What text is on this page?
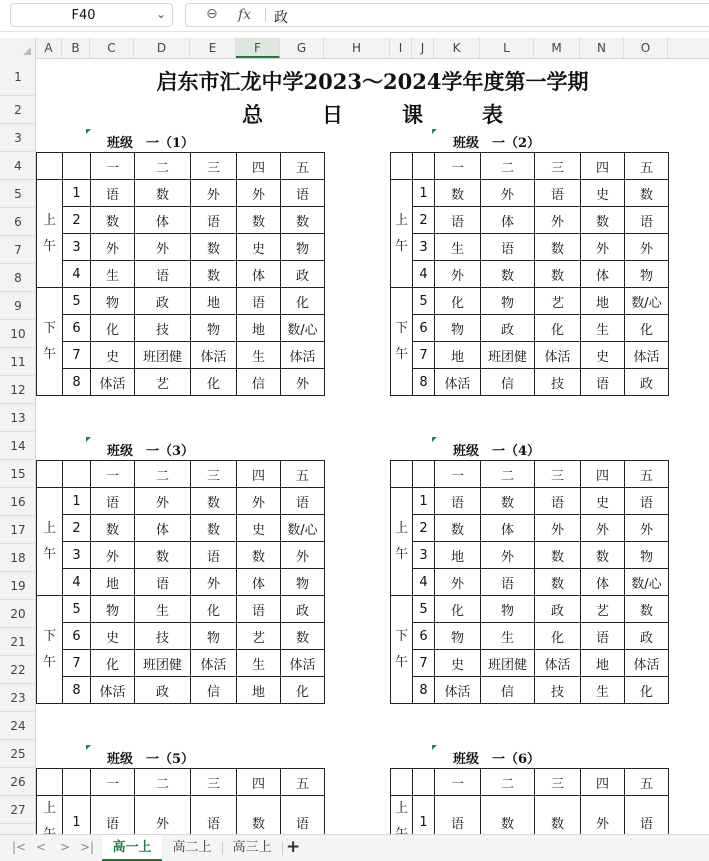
F40	⌄	⊖ fx 政
A	B	C	D	E	F	G	H	I	J	K	L	M	N	O
1
2
3
4
5
6
7
8
9
10
11
12
13
14
15
16
17
18
19
20
21
22
23
24
25
26
27
启东市汇龙中学2023～2024学年度第一学期
总	日	课	表
班级　一（1）
		一	二	三	四	五

上
午	1	语	数	外	外	语
	2	数	体	语	数	数
	3	外	外	数	史	物
	4	生	语	数	体	政

下
午	5	物	政	地	语	化
	6	化	技	物	地	数/心
	7	史	班团健	体活	生	体活
	8	体活	艺	化	信	外
班级　一（2）
		一	二	三	四	五

上
午	1	数	外	语	史	数
	2	语	体	外	数	语
	3	生	语	数	外	外
	4	外	数	数	体	物

下
午	5	化	物	艺	地	数/心
	6	物	政	化	生	化
	7	地	班团健	体活	史	体活
	8	体活	信	技	语	政
班级　一（3）
		一	二	三	四	五

上
午	1	语	外	数	外	语
	2	数	体	数	史	数/心
	3	外	数	语	数	外
	4	地	语	外	体	物

下
午	5	物	生	化	语	政
	6	史	技	物	艺	数
	7	化	班团健	体活	生	体活
	8	体活	政	信	地	化
班级　一（4）
		一	二	三	四	五

上
午	1	语	数	语	史	语
	2	数	体	外	外	外
	3	地	外	数	数	物
	4	外	语	数	体	数/心

下
午	5	化	物	政	艺	数
	6	物	生	化	语	政
	7	史	班团健	体活	地	体活
	8	体活	信	技	生	化
班级　一（5）
		一	二	三	四	五

上	1	语	外	语	数	语
班级　一（6）
		一	二	三	四	五

上	1	语	数	数	外	语
|< < > >|	高一上	高二上	高三上 +
